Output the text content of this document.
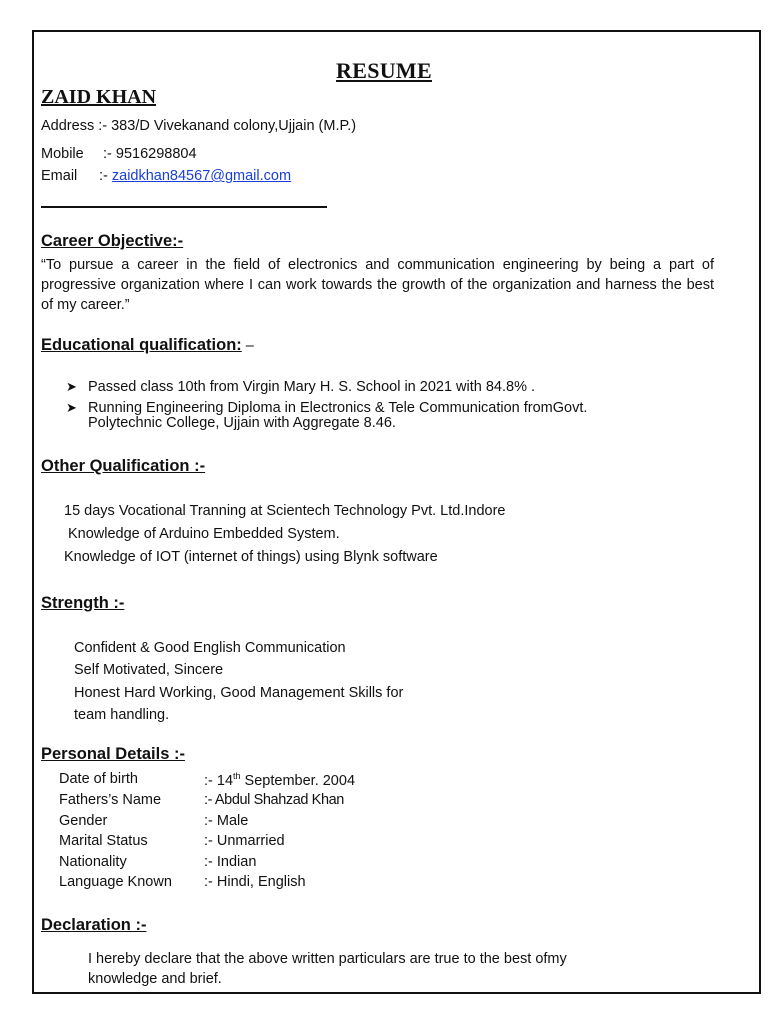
RESUME
ZAID KHAN
Address :- 383/D Vivekanand colony,Ujjain (M.P.)
Mobile :- 9516298804
Email :- zaidkhan84567@gmail.com
Career Objective:-
“To pursue a career in the field of electronics and communication engineering by being a part of progressive organization where I can work towards the growth of the organization and harness the best of my career.”
Educational qualification: –
➤ Passed class 10th from Virgin Mary H. S. School in 2021 with 84.8% .
➤ Running Engineering Diploma in Electronics & Tele Communication fromGovt.
Polytechnic College, Ujjain with Aggregate 8.46.
Other Qualification :-
15 days Vocational Tranning at Scientech Technology Pvt. Ltd.Indore
Knowledge of Arduino Embedded System.
Knowledge of IOT (internet of things) using Blynk software
Strength :-
Confident & Good English Communication
Self Motivated, Sincere
Honest Hard Working, Good Management Skills for
team handling.
Personal Details :-
Date of birth	:- 14th September. 2004
Fathers’s Name	:- Abdul Shahzad Khan
Gender	:- Male
Marital Status	:- Unmarried
Nationality	:- Indian
Language Known :- Hindi, English
Declaration :-
I hereby declare that the above written particulars are true to the best ofmy
knowledge and brief.
